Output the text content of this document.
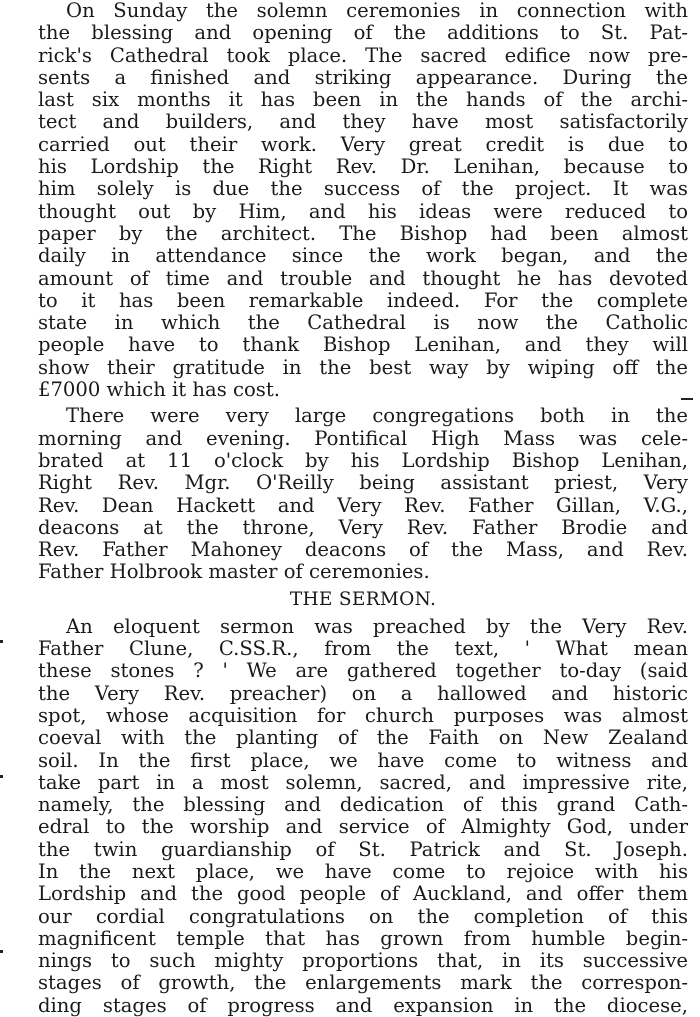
On Sunday the solemn ceremonies in connection with
the blessing and opening of the additions to St. Pat-
rick's Cathedral took place. The sacred edifice now pre-
sents a finished and striking appearance. During the
last six months it has been in the hands of the archi-
tect and builders, and they have most satisfactorily
carried out their work. Very great credit is due to
his Lordship the Right Rev. Dr. Lenihan, because to
him solely is due the success of the project. It was
thought out by Him, and his ideas were reduced to
paper by the architect. The Bishop had been almost
daily in attendance since the work began, and the
amount of time and trouble and thought he has devoted
to it has been remarkable indeed. For the complete
state in which the Cathedral is now the Catholic
people have to thank Bishop Lenihan, and they will
show their gratitude in the best way by wiping off the
£7000 which it has cost.
There were very large congregations both in the
morning and evening. Pontifical High Mass was cele-
brated at 11 o'clock by his Lordship Bishop Lenihan,
Right Rev. Mgr. O'Reilly being assistant priest, Very
Rev. Dean Hackett and Very Rev. Father Gillan, V.G.,
deacons at the throne, Very Rev. Father Brodie and
Rev. Father Mahoney deacons of the Mass, and Rev.
Father Holbrook master of ceremonies.
THE SERMON.
An eloquent sermon was preached by the Very Rev.
Father Clune, C.SS.R., from the text, ' What mean
these stones ? ' We are gathered together to-day (said
the Very Rev. preacher) on a hallowed and historic
spot, whose acquisition for church purposes was almost
coeval with the planting of the Faith on New Zealand
soil. In the first place, we have come to witness and
take part in a most solemn, sacred, and impressive rite,
namely, the blessing and dedication of this grand Cath-
edral to the worship and service of Almighty God, under
the twin guardianship of St. Patrick and St. Joseph.
In the next place, we have come to rejoice with his
Lordship and the good people of Auckland, and offer them
our cordial congratulations on the completion of this
magnificent temple that has grown from humble begin-
nings to such mighty proportions that, in its successive
stages of growth, the enlargements mark the correspon-
ding stages of progress and expansion in the diocese,
